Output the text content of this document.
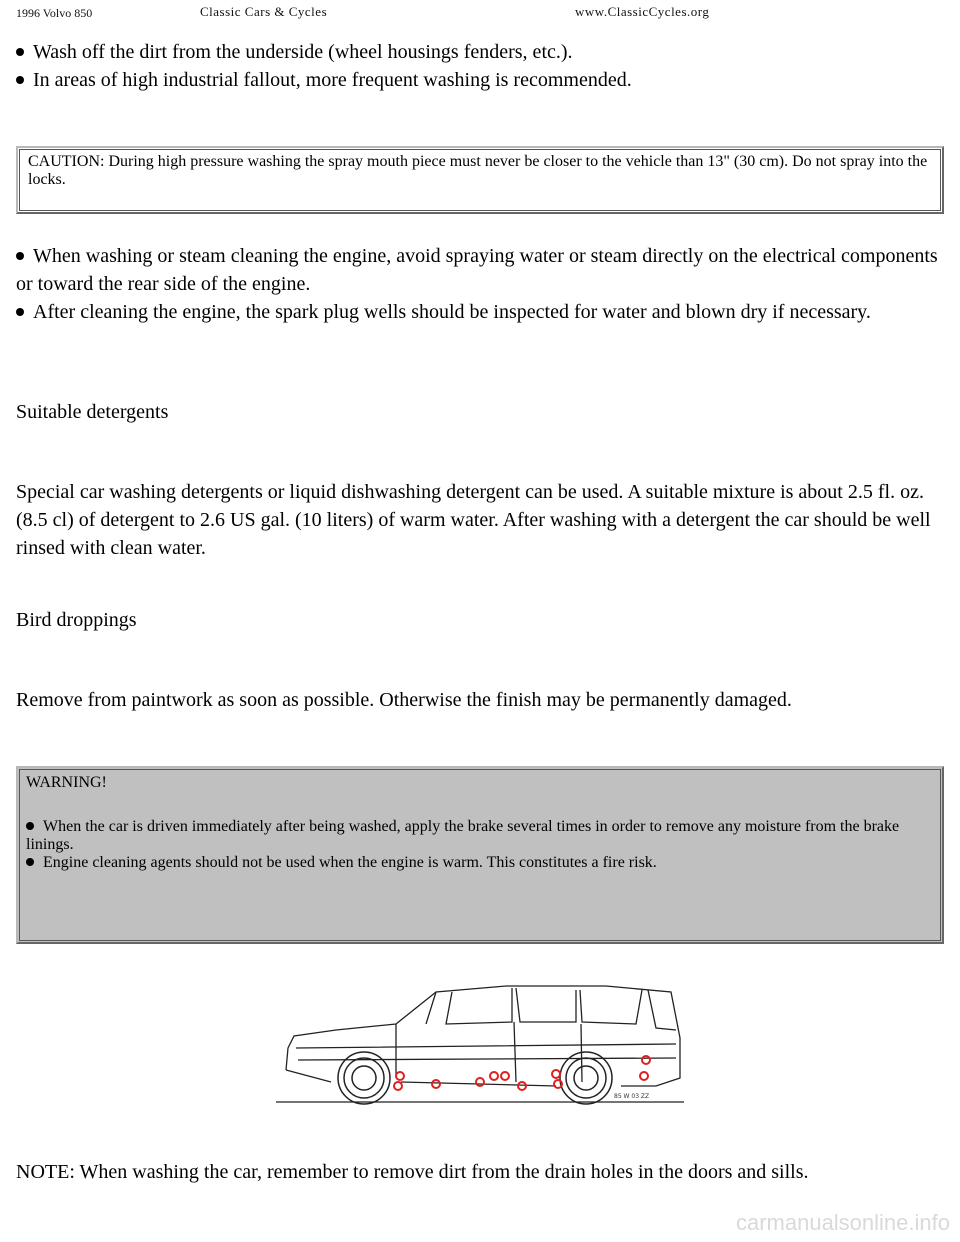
1996 Volvo 850	Classic Cars & Cycles	www.ClassicCycles.org
Wash off the dirt from the underside (wheel housings fenders, etc.).
In areas of high industrial fallout, more frequent washing is recommended.
CAUTION: During high pressure washing the spray mouth piece must never be closer to the vehicle than 13" (30 cm). Do not spray into the locks.
When washing or steam cleaning the engine, avoid spraying water or steam directly on the electrical components or toward the rear side of the engine.
After cleaning the engine, the spark plug wells should be inspected for water and blown dry if necessary.

Suitable detergents

Special car washing detergents or liquid dishwashing detergent can be used. A suitable mixture is about 2.5 fl. oz. (8.5 cl) of detergent to 2.6 US gal. (10 liters) of warm water. After washing with a detergent the car should be well rinsed with clean water.

Bird droppings

Remove from paintwork as soon as possible. Otherwise the finish may be permanently damaged.

WARNING!
When the car is driven immediately after being washed, apply the brake several times in order to remove any moisture from the brake linings.
Engine cleaning agents should not be used when the engine is warm. This constitutes a fire risk.
85 W 03 ZZ

NOTE: When washing the car, remember to remove dirt from the drain holes in the doors and sills.

carmanualsonline.info
